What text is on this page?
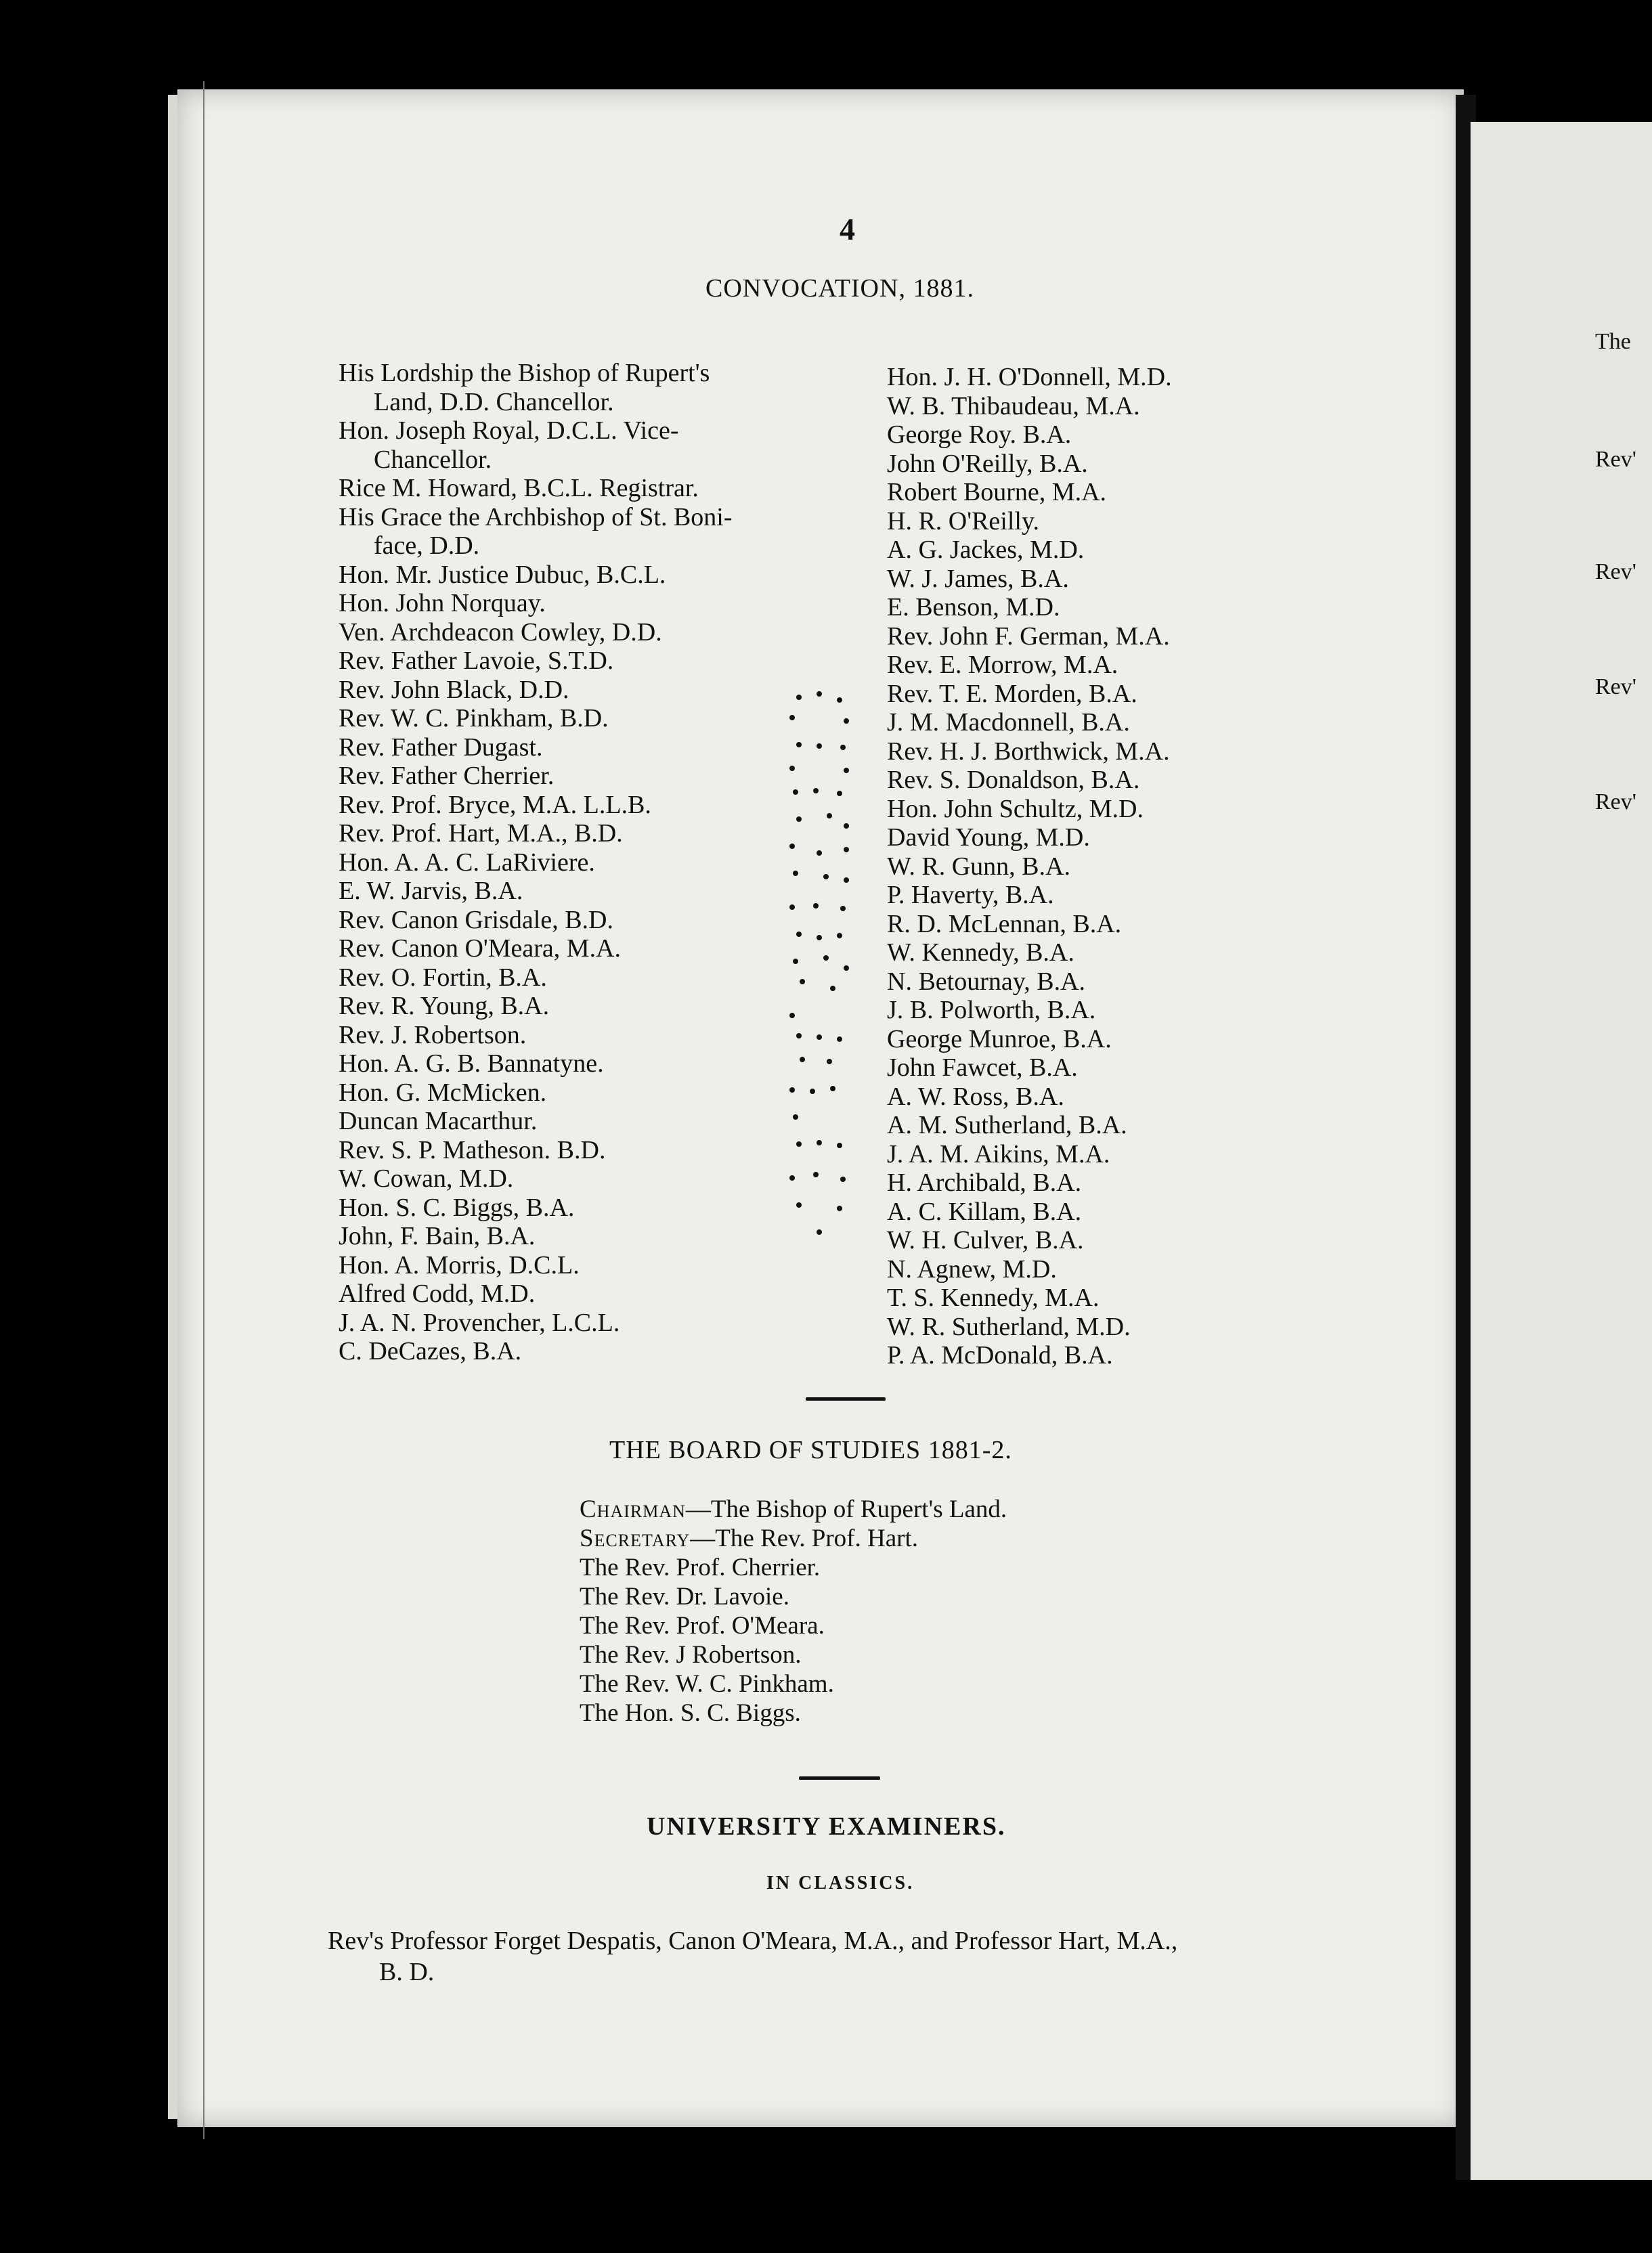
4
CONVOCATION, 1881.
His Lordship the Bishop of Rupert's
Land, D.D. Chancellor.
Hon. Joseph Royal, D.C.L. Vice-
Chancellor.
Rice M. Howard, B.C.L. Registrar.
His Grace the Archbishop of St. Boni-
face, D.D.
Hon. Mr. Justice Dubuc, B.C.L.
Hon. John Norquay.
Ven. Archdeacon Cowley, D.D.
Rev. Father Lavoie, S.T.D.
Rev. John Black, D.D.
Rev. W. C. Pinkham, B.D.
Rev. Father Dugast.
Rev. Father Cherrier.
Rev. Prof. Bryce, M.A. L.L.B.
Rev. Prof. Hart, M.A., B.D.
Hon. A. A. C. LaRiviere.
E. W. Jarvis, B.A.
Rev. Canon Grisdale, B.D.
Rev. Canon O'Meara, M.A.
Rev. O. Fortin, B.A.
Rev. R. Young, B.A.
Rev. J. Robertson.
Hon. A. G. B. Bannatyne.
Hon. G. McMicken.
Duncan Macarthur.
Rev. S. P. Matheson. B.D.
W. Cowan, M.D.
Hon. S. C. Biggs, B.A.
John, F. Bain, B.A.
Hon. A. Morris, D.C.L.
Alfred Codd, M.D.
J. A. N. Provencher, L.C.L.
C. DeCazes, B.A.
Hon. J. H. O'Donnell, M.D.
W. B. Thibaudeau, M.A.
George Roy. B.A.
John O'Reilly, B.A.
Robert Bourne, M.A.
H. R. O'Reilly.
A. G. Jackes, M.D.
W. J. James, B.A.
E. Benson, M.D.
Rev. John F. German, M.A.
Rev. E. Morrow, M.A.
Rev. T. E. Morden, B.A.
J. M. Macdonnell, B.A.
Rev. H. J. Borthwick, M.A.
Rev. S. Donaldson, B.A.
Hon. John Schultz, M.D.
David Young, M.D.
W. R. Gunn, B.A.
P. Haverty, B.A.
R. D. McLennan, B.A.
W. Kennedy, B.A.
N. Betournay, B.A.
J. B. Polworth, B.A.
George Munroe, B.A.
John Fawcet, B.A.
A. W. Ross, B.A.
A. M. Sutherland, B.A.
J. A. M. Aikins, M.A.
H. Archibald, B.A.
A. C. Killam, B.A.
W. H. Culver, B.A.
N. Agnew, M.D.
T. S. Kennedy, M.A.
W. R. Sutherland, M.D.
P. A. McDonald, B.A.
THE BOARD OF STUDIES 1881-2.
Chairman—The Bishop of Rupert's Land.
Secretary—The Rev. Prof. Hart.
The Rev. Prof. Cherrier.
The Rev. Dr. Lavoie.
The Rev. Prof. O'Meara.
The Rev. J Robertson.
The Rev. W. C. Pinkham.
The Hon. S. C. Biggs.
UNIVERSITY EXAMINERS.
IN CLASSICS.
Rev's Professor Forget Despatis, Canon O'Meara, M.A., and Professor Hart, M.A.,
B. D.
The
Rev'
Rev'
Rev'
Rev'
